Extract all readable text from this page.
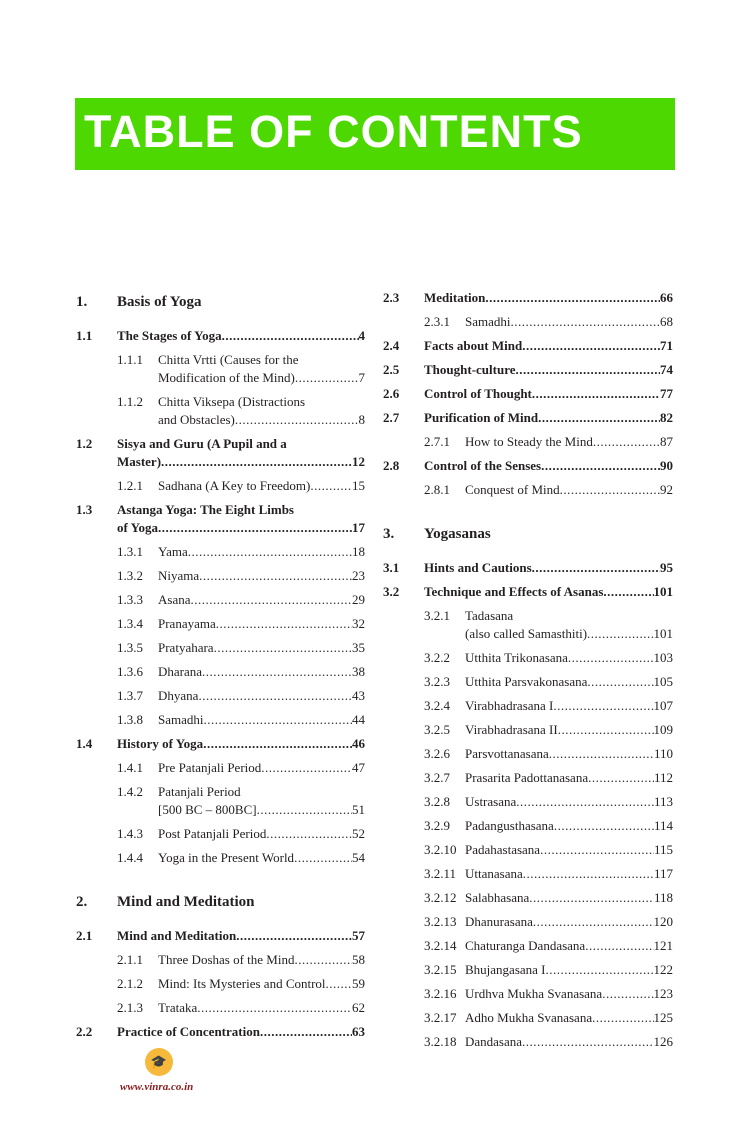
TABLE OF CONTENTS
1. Basis of Yoga
1.1 The Stages of Yoga .....	4
1.1.1 Chitta Vrtti (Causes for the
Modification of the Mind) .....	7
1.1.2 Chitta Viksepa (Distractions
and Obstacles) .....	8
1.2 Sisya and Guru (A Pupil and a
Master) .....	12
1.2.1 Sadhana (A Key to Freedom) .....	15
1.3 Astanga Yoga: The Eight Limbs
of Yoga .....	17
1.3.1 Yama .....	18
1.3.2 Niyama .....	23
1.3.3 Asana .....	29
1.3.4 Pranayama .....	32
1.3.5 Pratyahara .....	35
1.3.6 Dharana .....	38
1.3.7 Dhyana .....	43
1.3.8 Samadhi .....	44
1.4 History of Yoga .....	46
1.4.1 Pre Patanjali Period .....	47
1.4.2 Patanjali Period
[500 BC – 800BC] .....	51
1.4.3 Post Patanjali Period .....	52
1.4.4 Yoga in the Present World .....	54
2. Mind and Meditation
2.1 Mind and Meditation .....	57
2.1.1 Three Doshas of the Mind .....	58
2.1.2 Mind: Its Mysteries and Control ..... 59
2.1.3 Trataka .....	62
2.2 Practice of Concentration .....	63
2.3 Meditation .....	66
2.3.1 Samadhi .....	68
2.4 Facts about Mind .....	71
2.5 Thought-culture .....	74
2.6 Control of Thought .....	77
2.7 Purification of Mind .....	82
2.7.1 How to Steady the Mind .....	87
2.8 Control of the Senses .....	90
2.8.1 Conquest of Mind .....	92
3. Yogasanas
3.1 Hints and Cautions .....	95
3.2 Technique and Effects of Asanas .....	101
3.2.1 Tadasana
(also called Samasthiti) .....	101
3.2.2 Utthita Trikonasana .....	103
3.2.3 Utthita Parsvakonasana .....	105
3.2.4 Virabhadrasana I .....	107
3.2.5 Virabhadrasana II .....	109
3.2.6 Parsvottanasana .....	110
3.2.7 Prasarita Padottanasana .....	112
3.2.8 Ustrasana .....	113
3.2.9 Padangusthasana .....	114
3.2.10 Padahastasana .....	115
3.2.11 Uttanasana .....	117
3.2.12 Salabhasana .....	118
3.2.13 Dhanurasana .....	120
3.2.14 Chaturanga Dandasana .....	121
3.2.15 Bhujangasana I .....	122
3.2.16 Urdhva Mukha Svanasana .....	123
3.2.17 Adho Mukha Svanasana .....	125
3.2.18 Dandasana .....	126
🎓
www.vinra.co.in
